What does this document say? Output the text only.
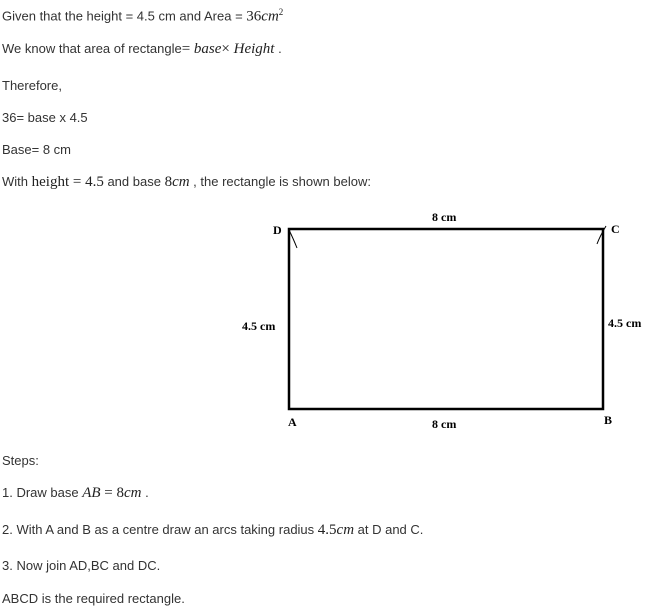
Given that the height = 4.5 cm and Area = $36cm^2$
We know that area of rectangle= base× Height .
Therefore,
36= base x 4.5
Base= 8 cm
With height = 4.5 and base 8cm , the rectangle is shown below:
8 cm
8 cm
4.5 cm	4.5 cm
A	B
C
D
Steps:
1. Draw base AB = 8cm .
2. With A and B as a centre draw an arcs taking radius 4.5cm at D and C.
3. Now join AD,BC and DC.
ABCD is the required rectangle.
